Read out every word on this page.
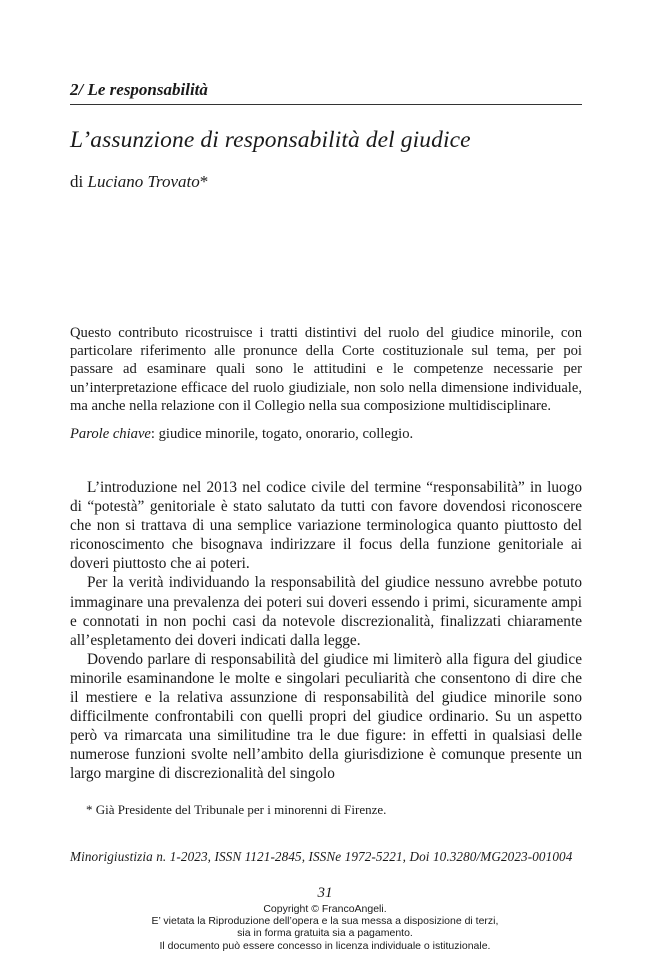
2/ Le responsabilità
L’assunzione di responsabilità del giudice
di Luciano Trovato*
Questo contributo ricostruisce i tratti distintivi del ruolo del giudice minorile, con particolare riferimento alle pronunce della Corte costituzionale sul tema, per poi passare ad esaminare quali sono le attitudini e le competenze necessarie per un’interpretazione efficace del ruolo giudiziale, non solo nella dimensione individuale, ma anche nella relazione con il Collegio nella sua composizione multidisciplinare.
Parole chiave: giudice minorile, togato, onorario, collegio.

L’introduzione nel 2013 nel codice civile del termine “responsabilità” in luogo di “potestà” genitoriale è stato salutato da tutti con favore dovendosi riconoscere che non si trattava di una semplice variazione terminologica quanto piuttosto del riconoscimento che bisognava indirizzare il focus della funzione genitoriale ai doveri piuttosto che ai poteri.

Per la verità individuando la responsabilità del giudice nessuno avrebbe potuto immaginare una prevalenza dei poteri sui doveri essendo i primi, sicuramente ampi e connotati in non pochi casi da notevole discrezionalità, finalizzati chiaramente all’espletamento dei doveri indicati dalla legge.

Dovendo parlare di responsabilità del giudice mi limiterò alla figura del giudice minorile esaminandone le molte e singolari peculiarità che consentono di dire che il mestiere e la relativa assunzione di responsabilità del giudice minorile sono difficilmente confrontabili con quelli propri del giudice ordinario. Su un aspetto però va rimarcata una similitudine tra le due figure: in effetti in qualsiasi delle numerose funzioni svolte nell’ambito della giurisdizione è comunque presente un largo margine di discrezionalità del singolo

* Già Presidente del Tribunale per i minorenni di Firenze.
Minorigiustizia n. 1-2023, ISSN 1121-2845, ISSNe 1972-5221, Doi 10.3280/MG2023-001004
31
Copyright © FrancoAngeli.
E’ vietata la Riproduzione dell’opera e la sua messa a disposizione di terzi,
sia in forma gratuita sia a pagamento.
Il documento può essere concesso in licenza individuale o istituzionale.
